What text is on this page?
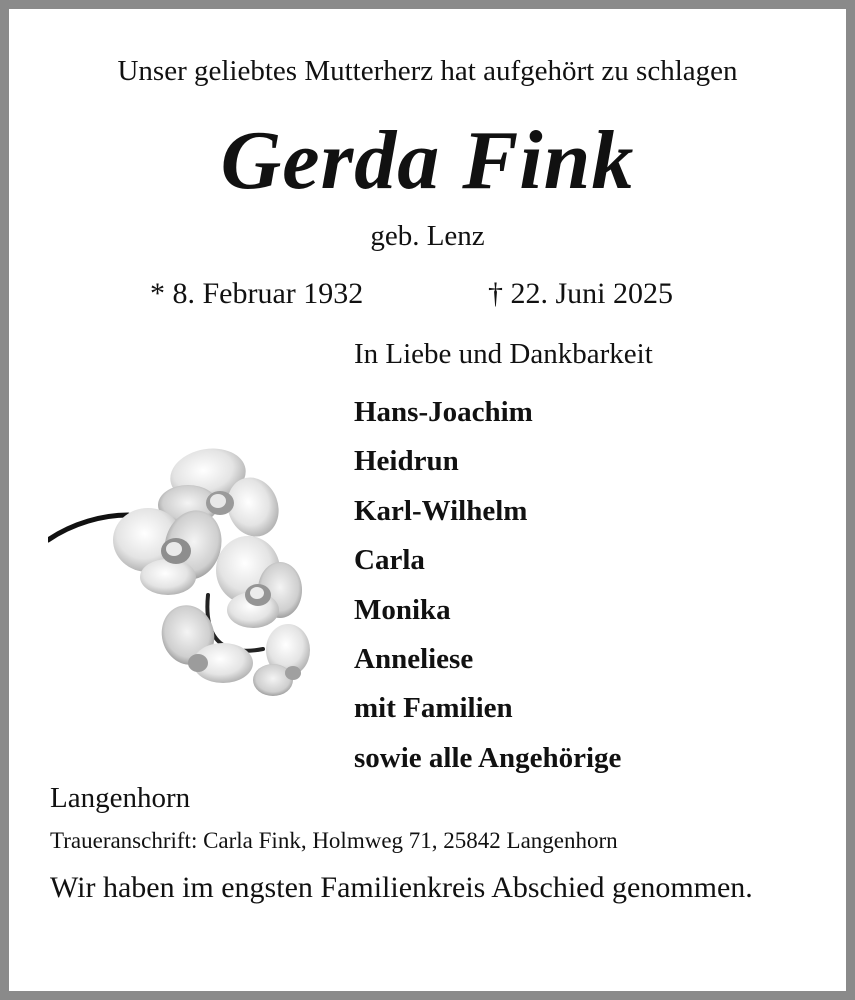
Unser geliebtes Mutterherz hat aufgehört zu schlagen
Gerda Fink
geb. Lenz
* 8. Februar 1932	† 22. Juni 2025
In Liebe und Dankbarkeit
Hans-Joachim
Heidrun
Karl-Wilhelm
Carla
Monika
Anneliese
mit Familien
sowie alle Angehörige
Langenhorn
Traueranschrift: Carla Fink, Holmweg 71, 25842 Langenhorn
Wir haben im engsten Familienkreis Abschied genommen.
